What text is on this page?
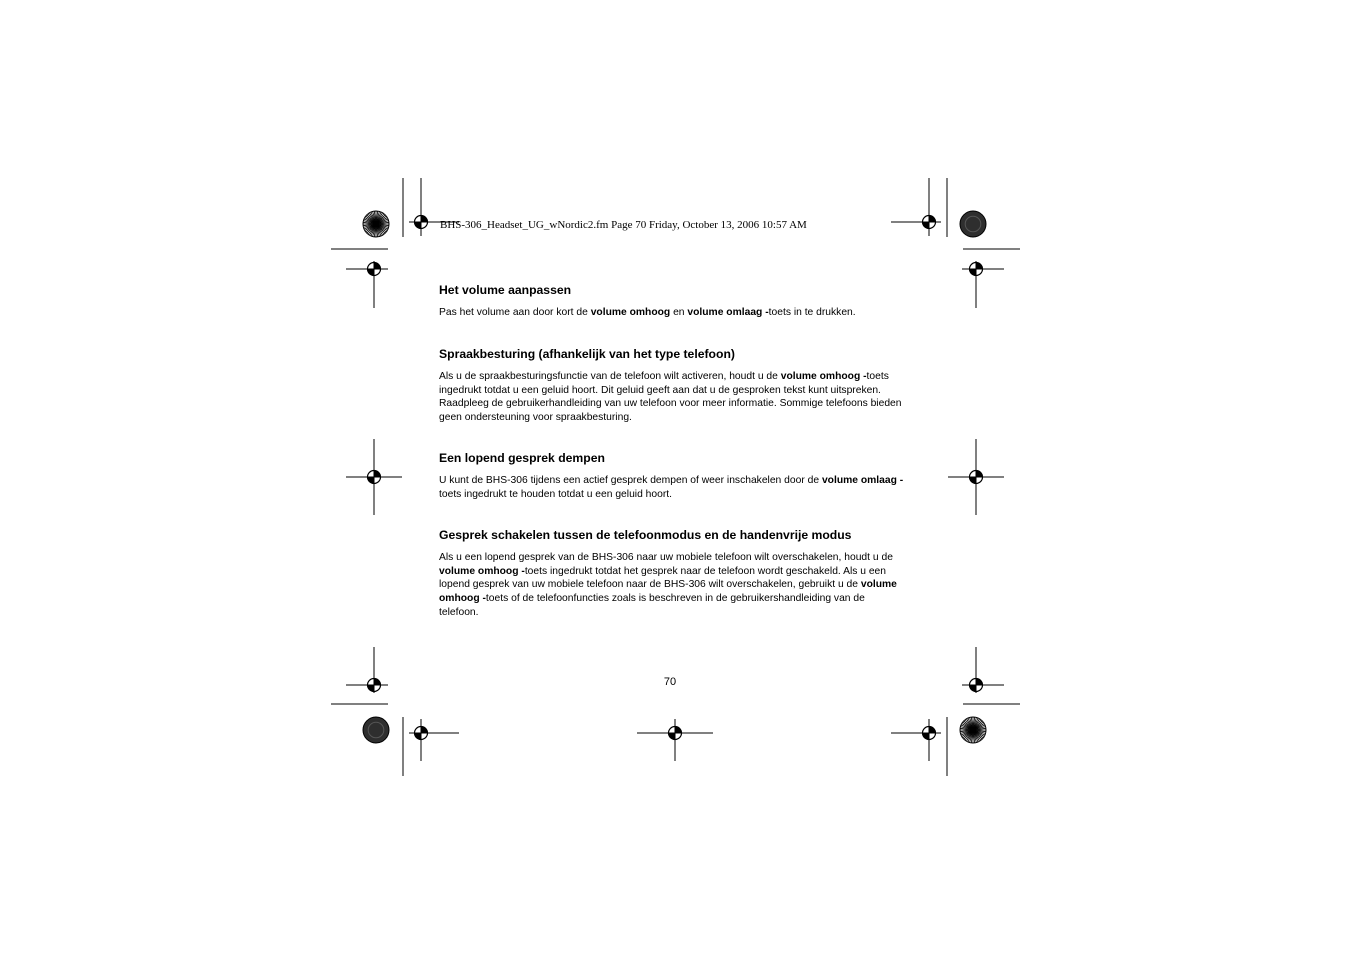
BHS-306_Headset_UG_wNordic2.fm Page 70 Friday, October 13, 2006 10:57 AM
Het volume aanpassen

Pas het volume aan door kort de volume omhoog en volume omlaag -toets in te drukken.

Spraakbesturing (afhankelijk van het type telefoon)

Als u de spraakbesturingsfunctie van de telefoon wilt activeren, houdt u de volume omhoog -toets ingedrukt totdat u een geluid hoort. Dit geluid geeft aan dat u de gesproken tekst kunt uitspreken. Raadpleeg de gebruikerhandleiding van uw telefoon voor meer informatie. Sommige telefoons bieden geen ondersteuning voor spraakbesturing.

Een lopend gesprek dempen

U kunt de BHS-306 tijdens een actief gesprek dempen of weer inschakelen door de volume omlaag -toets ingedrukt te houden totdat u een geluid hoort.

Gesprek schakelen tussen de telefoonmodus en de handenvrije modus

Als u een lopend gesprek van de BHS-306 naar uw mobiele telefoon wilt overschakelen, houdt u de volume omhoog -toets ingedrukt totdat het gesprek naar de telefoon wordt geschakeld. Als u een lopend gesprek van uw mobiele telefoon naar de BHS-306 wilt overschakelen, gebruikt u de volume omhoog -toets of de telefoonfuncties zoals is beschreven in de gebruikershandleiding van de telefoon.

70
